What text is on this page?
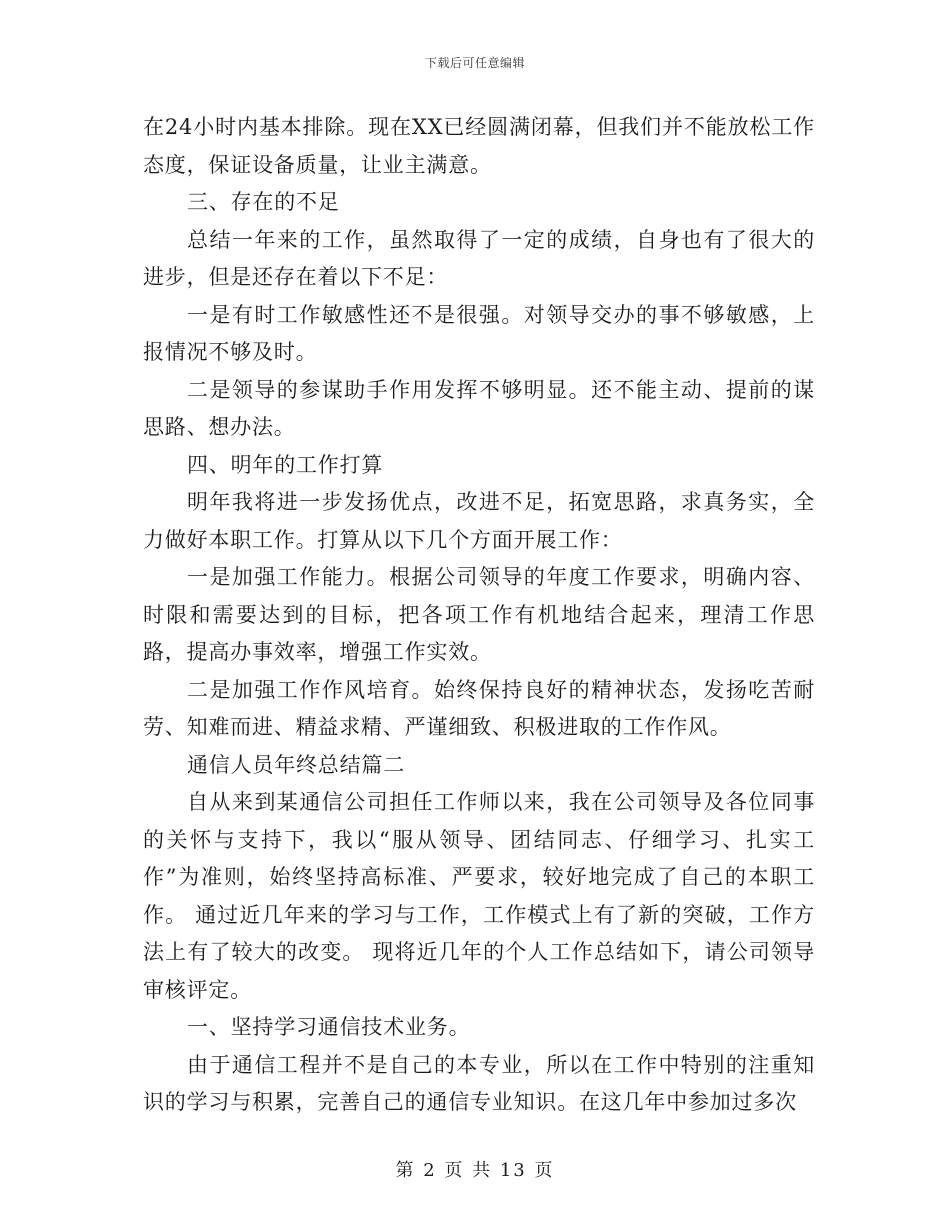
下载后可任意编辑

在24小时内基本排除。现在XX已经圆满闭幕，但我们并不能放松工作态度，保证设备质量，让业主满意。

三、存在的不足

总结一年来的工作，虽然取得了一定的成绩，自身也有了很大的进步，但是还存在着以下不足：

一是有时工作敏感性还不是很强。对领导交办的事不够敏感，上报情况不够及时。

二是领导的参谋助手作用发挥不够明显。还不能主动、提前的谋思路、想办法。

四、明年的工作打算

明年我将进一步发扬优点，改进不足，拓宽思路，求真务实，全力做好本职工作。打算从以下几个方面开展工作：

一是加强工作能力。根据公司领导的年度工作要求，明确内容、时限和需要达到的目标，把各项工作有机地结合起来，理清工作思路，提高办事效率，增强工作实效。

二是加强工作作风培育。始终保持良好的精神状态，发扬吃苦耐劳、知难而进、精益求精、严谨细致、积极进取的工作作风。

通信人员年终总结篇二

自从来到某通信公司担任工作师以来，我在公司领导及各位同事的关怀与支持下，我以“服从领导、团结同志、仔细学习、扎实工作”为准则，始终坚持高标准、严要求，较好地完成了自己的本职工作。 通过近几年来的学习与工作，工作模式上有了新的突破，工作方法上有了较大的改变。 现将近几年的个人工作总结如下，请公司领导审核评定。

一、坚持学习通信技术业务。

由于通信工程并不是自己的本专业，所以在工作中特别的注重知识的学习与积累，完善自己的通信专业知识。在这几年中参加过多次

第 2 页 共 13 页
